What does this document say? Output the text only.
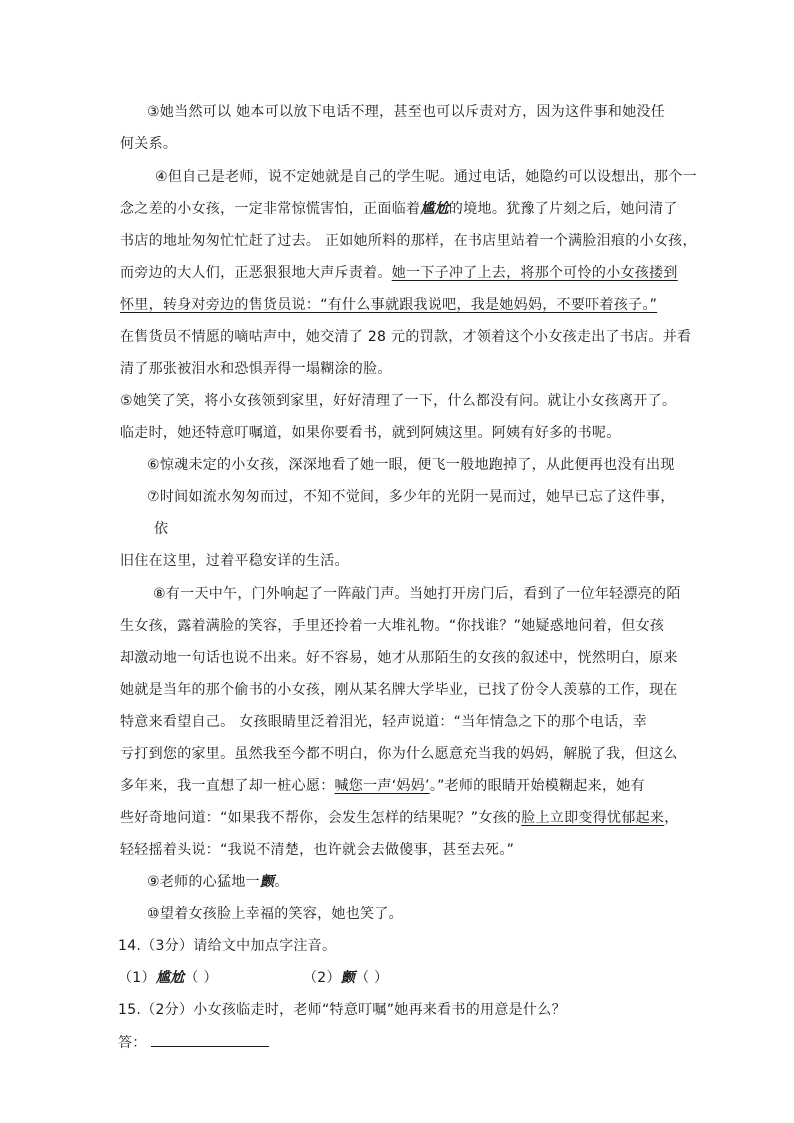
③她当然可以 她本可以放下电话不理，甚至也可以斥责对方，因为这件事和她没任
何关系。
④但自己是老师，说不定她就是自己的学生呢。通过电话，她隐约可以设想出，那个一
念之差的小女孩，一定非常惊慌害怕，正面临着尴尬的境地。犹豫了片刻之后，她问清了
书店的地址匆匆忙忙赶了过去。 正如她所料的那样，在书店里站着一个满脸泪痕的小女孩，
而旁边的大人们，正恶狠狠地大声斥责着。她一下子冲了上去，将那个可怜的小女孩搂到
怀里，转身对旁边的售货员说：“有什么事就跟我说吧，我是她妈妈，不要吓着孩子。”
在售货员不情愿的嘀咕声中，她交清了 28 元的罚款，才领着这个小女孩走出了书店。并看
清了那张被泪水和恐惧弄得一塌糊涂的脸。
⑤她笑了笑，将小女孩领到家里，好好清理了一下，什么都没有问。就让小女孩离开了。
临走时，她还特意叮嘱道，如果你要看书，就到阿姨这里。阿姨有好多的书呢。
⑥惊魂未定的小女孩，深深地看了她一眼，便飞一般地跑掉了，从此便再也没有出现
⑦时间如流水匆匆而过，不知不觉间，多少年的光阴一晃而过，她早已忘了这件事，
依
旧住在这里，过着平稳安详的生活。
⑧有一天中午，门外响起了一阵敲门声。当她打开房门后，看到了一位年轻漂亮的陌
生女孩，露着满脸的笑容，手里还拎着一大堆礼物。“你找谁？”她疑惑地问着，但女孩
却激动地一句话也说不出来。好不容易，她才从那陌生的女孩的叙述中，恍然明白，原来
她就是当年的那个偷书的小女孩，刚从某名牌大学毕业，已找了份令人羡慕的工作，现在
特意来看望自己。 女孩眼睛里泛着泪光，轻声说道：“当年情急之下的那个电话，幸
亏打到您的家里。虽然我至今都不明白，你为什么愿意充当我的妈妈，解脱了我，但这么
多年来，我一直想了却一桩心愿：喊您一声‘妈妈’。”老师的眼睛开始模糊起来，她有
些好奇地问道：“如果我不帮你，会发生怎样的结果呢？”女孩的脸上立即变得忧郁起来，
轻轻摇着头说：“我说不清楚，也许就会去做傻事，甚至去死。”
⑨老师的心猛地一颤。
⑩望着女孩脸上幸福的笑容，她也笑了。
14.（3分）请给文中加点字注音。
（1）尴尬（ ）	（2）颤（ ）
15.（2分）小女孩临走时，老师“特意叮嘱”她再来看书的用意是什么？
答：
